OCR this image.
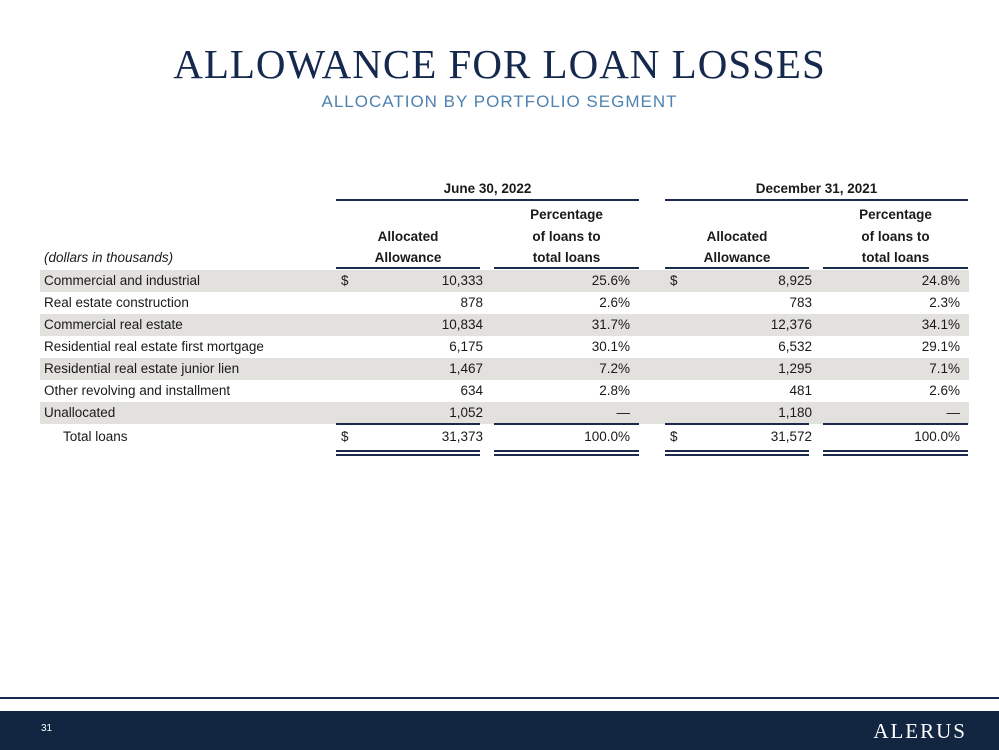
ALLOWANCE FOR LOAN LOSSES
ALLOCATION BY PORTFOLIO SEGMENT
June 30, 2022	December 31, 2021
Allocated
Allowance
Percentage
of loans to
total loans
Allocated
Allowance
Percentage
of loans to
total loans
(dollars in thousands)
Commercial and industrial	$	10,333	25.6%	$	8,925	24.8%
Real estate construction	878	2.6%	783	2.3%
Commercial real estate	10,834	31.7%	12,376	34.1%
Residential real estate first mortgage	6,175	30.1%	6,532	29.1%
Residential real estate junior lien	1,467	7.2%	1,295	7.1%
Other revolving and installment	634	2.8%	481	2.6%
Unallocated	1,052	—	1,180	—
Total loans	$	31,373	100.0%	$	31,572	100.0%
31	ALERUS
